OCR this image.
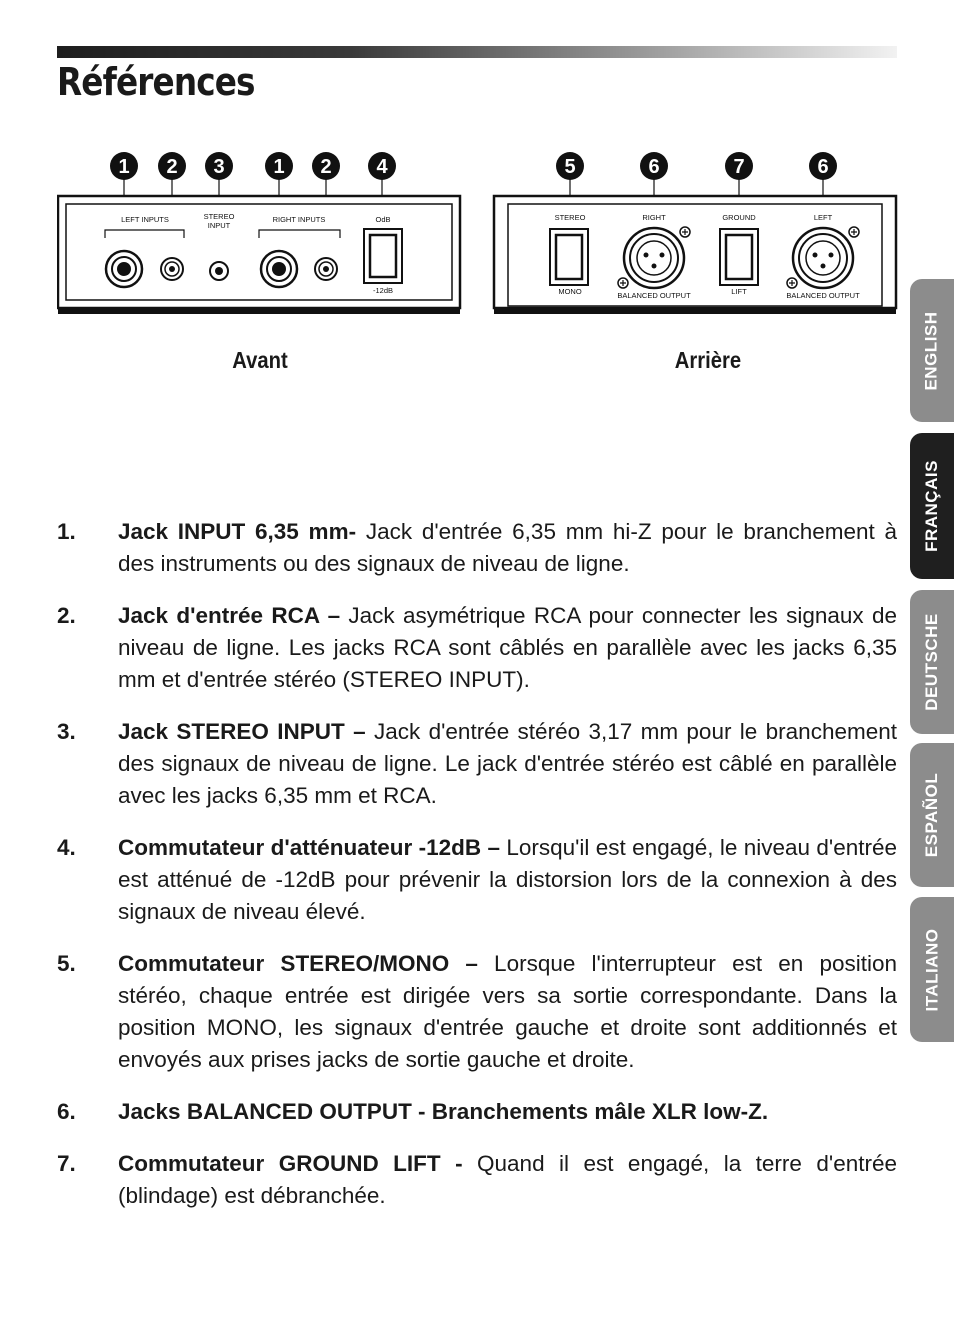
Références
1 2 3 1 2 4
LEFT INPUTS	STEREO
INPUT
RIGHT INPUTS	OdB
-12dB
Avant
5	6	7	6
STEREO
MONO
RIGHT
BALANCED OUTPUT
GROUND
LIFT
LEFT
BALANCED OUTPUT
Arrière	ENGLISH
FRANÇAIS
DEUTSCHE
ESPAÑOL
ITALIANO
1. Jack INPUT 6,35 mm- Jack d'entrée 6,35 mm hi-Z pour le branchement à des instruments ou des signaux de niveau de ligne.
2. Jack d'entrée RCA – Jack asymétrique RCA pour connecter les signaux de niveau de ligne. Les jacks RCA sont câblés en parallèle avec les jacks 6,35 mm et d'entrée stéréo (STEREO INPUT).
3. Jack STEREO INPUT – Jack d'entrée stéréo 3,17 mm pour le branchement des signaux de niveau de ligne. Le jack d'entrée stéréo est câblé en parallèle avec les jacks 6,35 mm et RCA.
4. Commutateur d'atténuateur -12dB – Lorsqu'il est engagé, le niveau d'entrée est atténué de -12dB pour prévenir la distorsion lors de la connexion à des signaux de niveau élevé.
5. Commutateur STEREO/MONO – Lorsque l'interrupteur est en position stéréo, chaque entrée est dirigée vers sa sortie correspondante. Dans la position MONO, les signaux d'entrée gauche et droite sont additionnés et envoyés aux prises jacks de sortie gauche et droite.
6. Jacks BALANCED OUTPUT - Branchements mâle XLR low-Z.
7. Commutateur GROUND LIFT - Quand il est engagé, la terre d'entrée (blindage) est débranchée.
